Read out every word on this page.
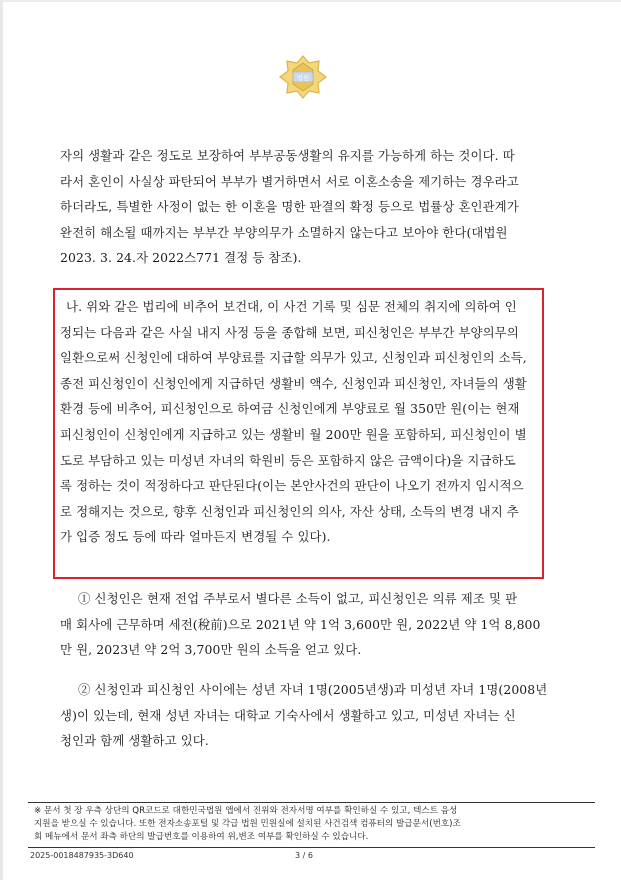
법원
자의 생활과 같은 정도로 보장하여 부부공동생활의 유지를 가능하게 하는 것이다. 따
라서 혼인이 사실상 파탄되어 부부가 별거하면서 서로 이혼소송을 제기하는 경우라고
하더라도, 특별한 사정이 없는 한 이혼을 명한 판결의 확정 등으로 법률상 혼인관계가
완전히 해소될 때까지는 부부간 부양의무가 소멸하지 않는다고 보아야 한다(대법원
2023. 3. 24.자 2022스771 결정 등 참조).
나. 위와 같은 법리에 비추어 보건대, 이 사건 기록 및 심문 전체의 취지에 의하여 인
정되는 다음과 같은 사실 내지 사정 등을 종합해 보면, 피신청인은 부부간 부양의무의
일환으로써 신청인에 대하여 부양료를 지급할 의무가 있고, 신청인과 피신청인의 소득,
종전 피신청인이 신청인에게 지급하던 생활비 액수, 신청인과 피신청인, 자녀들의 생활
환경 등에 비추어, 피신청인으로 하여금 신청인에게 부양료로 월 350만 원(이는 현재
피신청인이 신청인에게 지급하고 있는 생활비 월 200만 원을 포함하되, 피신청인이 별
도로 부담하고 있는 미성년 자녀의 학원비 등은 포함하지 않은 금액이다)을 지급하도
록 정하는 것이 적정하다고 판단된다(이는 본안사건의 판단이 나오기 전까지 임시적으
로 정해지는 것으로, 향후 신청인과 피신청인의 의사, 자산 상태, 소득의 변경 내지 추
가 입증 정도 등에 따라 얼마든지 변경될 수 있다).
① 신청인은 현재 전업 주부로서 별다른 소득이 없고, 피신청인은 의류 제조 및 판
매 회사에 근무하며 세전(稅前)으로 2021년 약 1억 3,600만 원, 2022년 약 1억 8,800
만 원, 2023년 약 2억 3,700만 원의 소득을 얻고 있다.
② 신청인과 피신청인 사이에는 성년 자녀 1명(2005년생)과 미성년 자녀 1명(2008년
생)이 있는데, 현재 성년 자녀는 대학교 기숙사에서 생활하고 있고, 미성년 자녀는 신
청인과 함께 생활하고 있다.
※ 문서 첫 장 우측 상단의 QR코드로 대한민국법원 앱에서 진위와 전자서명 여부를 확인하실 수 있고, 텍스트 음성
지원을 받으실 수 있습니다. 또한 전자소송포털 및 각급 법원 민원실에 설치된 사건검색 컴퓨터의 발급문서(번호)조
회 메뉴에서 문서 좌측 하단의 발급번호를 이용하여 위,변조 여부를 확인하실 수 있습니다.
2025-0018487935-3D640	3 / 6
